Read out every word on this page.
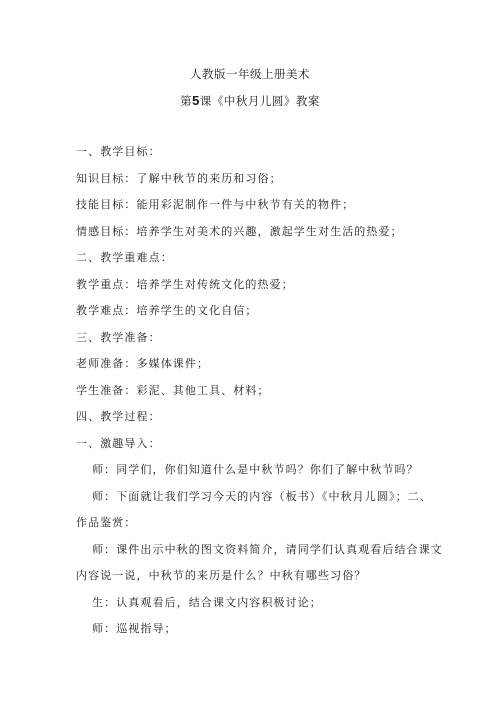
人教版一年级上册美术
第5课《中秋月儿圆》教案
一、教学目标：
知识目标：了解中秋节的来历和习俗；
技能目标：能用彩泥制作一件与中秋节有关的物件；
情感目标：培养学生对美术的兴趣，激起学生对生活的热爱；
二、教学重难点：
教学重点：培养学生对传统文化的热爱；
教学难点：培养学生的文化自信；
三、教学准备：
老师准备：多媒体课件；
学生准备：彩泥、其他工具、材料；
四、教学过程：
一、激趣导入：
师：同学们，你们知道什么是中秋节吗？你们了解中秋节吗？
师：下面就让我们学习今天的内容（板书）《中秋月儿圆》；二、
作品鉴赏：
师：课件出示中秋的图文资料简介，请同学们认真观看后结合课文
内容说一说，中秋节的来历是什么？中秋有哪些习俗？
生：认真观看后，结合课文内容积极讨论；
师：巡视指导；
